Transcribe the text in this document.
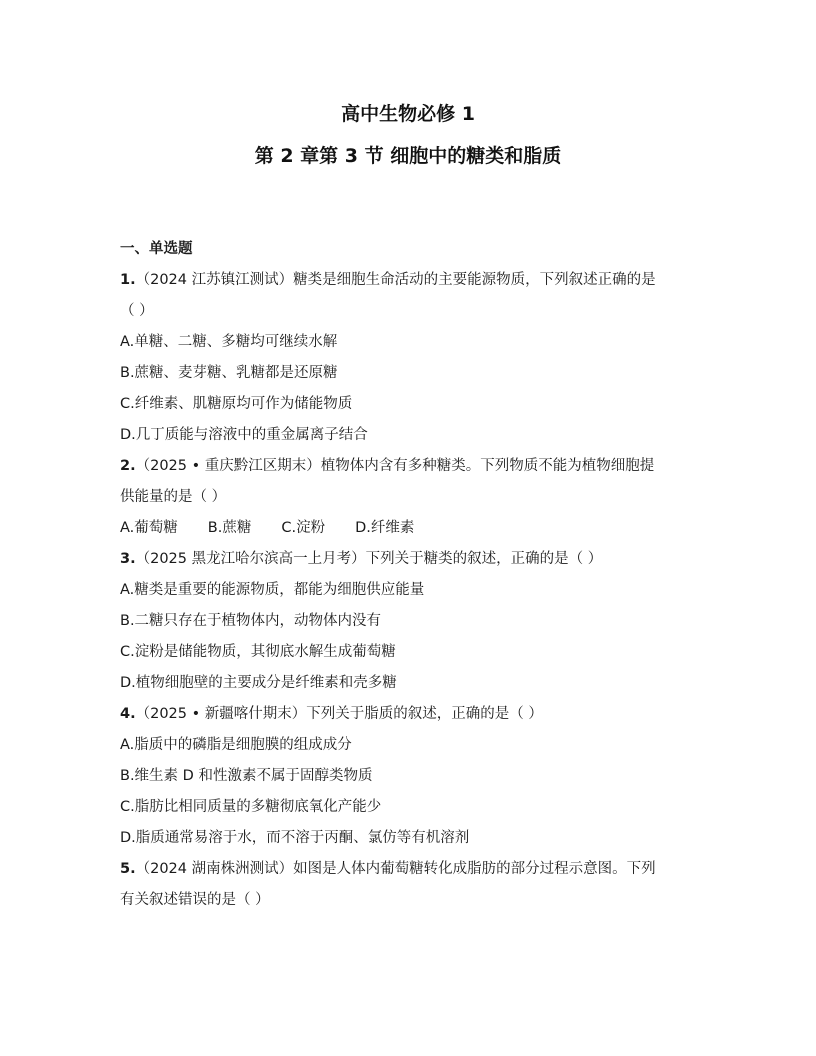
高中生物必修 1
第 2 章第 3 节 细胞中的糖类和脂质
一、单选题
1.（2024 江苏镇江测试）糖类是细胞生命活动的主要能源物质，下列叙述正确的是
（ ）
A.单糖、二糖、多糖均可继续水解
B.蔗糖、麦芽糖、乳糖都是还原糖
C.纤维素、肌糖原均可作为储能物质
D.几丁质能与溶液中的重金属离子结合
2.（2025 • 重庆黔江区期末）植物体内含有多种糖类。下列物质不能为植物细胞提
供能量的是（ ）
A.葡萄糖 B.蔗糖 C.淀粉 D.纤维素
3.（2025 黑龙江哈尔滨高一上月考）下列关于糖类的叙述，正确的是（ ）
A.糖类是重要的能源物质，都能为细胞供应能量
B.二糖只存在于植物体内，动物体内没有
C.淀粉是储能物质，其彻底水解生成葡萄糖
D.植物细胞壁的主要成分是纤维素和壳多糖
4.（2025 • 新疆喀什期末）下列关于脂质的叙述，正确的是（ ）
A.脂质中的磷脂是细胞膜的组成成分
B.维生素 D 和性激素不属于固醇类物质
C.脂肪比相同质量的多糖彻底氧化产能少
D.脂质通常易溶于水，而不溶于丙酮、氯仿等有机溶剂
5.（2024 湖南株洲测试）如图是人体内葡萄糖转化成脂肪的部分过程示意图。下列
有关叙述错误的是（ ）
